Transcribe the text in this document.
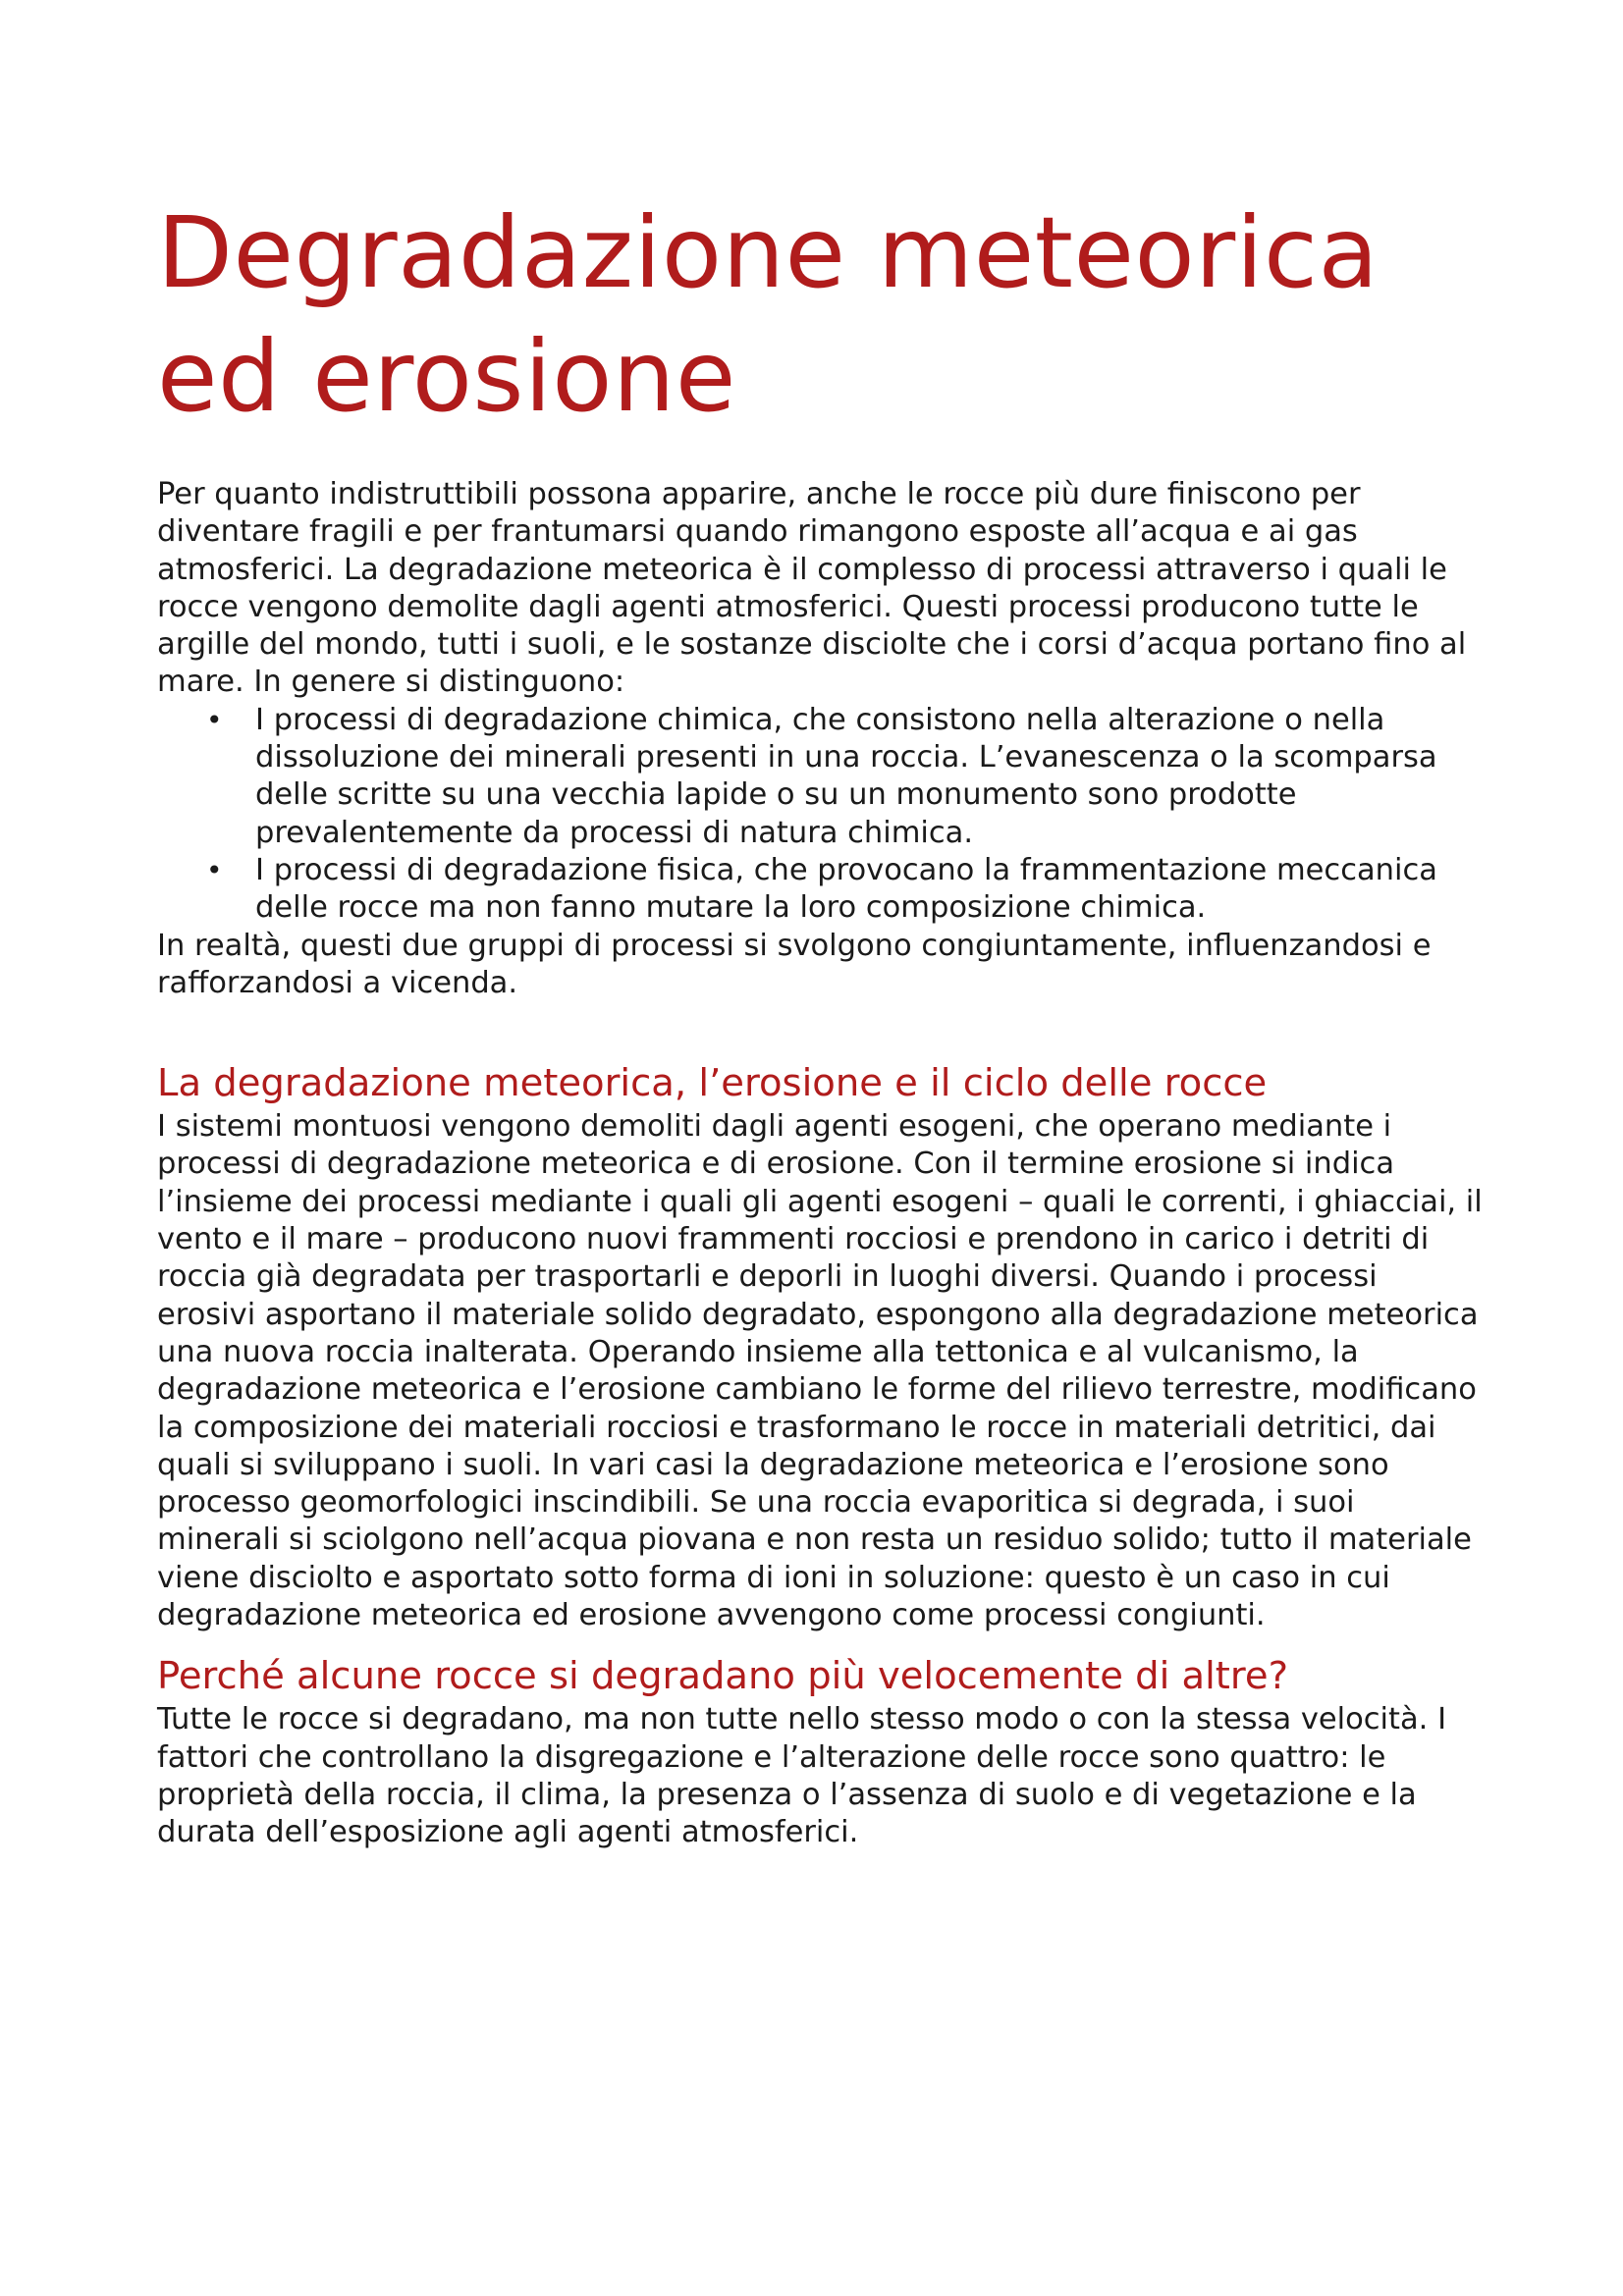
Degradazione meteorica
ed erosione

Per quanto indistruttibili possona apparire, anche le rocce più dure finiscono per diventare fragili e per frantumarsi quando rimangono esposte all’acqua e ai gas atmosferici. La degradazione meteorica è il complesso di processi attraverso i quali le rocce vengono demolite dagli agenti atmosferici. Questi processi producono tutte le argille del mondo, tutti i suoli, e le sostanze disciolte che i corsi d’acqua portano fino al mare. In genere si distinguono:

• I processi di degradazione chimica, che consistono nella alterazione o nella dissoluzione dei minerali presenti in una roccia. L’evanescenza o la scomparsa delle scritte su una vecchia lapide o su un monumento sono prodotte prevalentemente da processi di natura chimica.
• I processi di degradazione fisica, che provocano la frammentazione meccanica delle rocce ma non fanno mutare la loro composizione chimica.

In realtà, questi due gruppi di processi si svolgono congiuntamente, influenzandosi e rafforzandosi a vicenda.

La degradazione meteorica, l’erosione e il ciclo delle rocce

I sistemi montuosi vengono demoliti dagli agenti esogeni, che operano mediante i processi di degradazione meteorica e di erosione. Con il termine erosione si indica l’insieme dei processi mediante i quali gli agenti esogeni – quali le correnti, i ghiacciai, il vento e il mare – producono nuovi frammenti rocciosi e prendono in carico i detriti di roccia già degradata per trasportarli e deporli in luoghi diversi. Quando i processi erosivi asportano il materiale solido degradato, espongono alla degradazione meteorica una nuova roccia inalterata. Operando insieme alla tettonica e al vulcanismo, la degradazione meteorica e l’erosione cambiano le forme del rilievo terrestre, modificano la composizione dei materiali rocciosi e trasformano le rocce in materiali detritici, dai quali si sviluppano i suoli. In vari casi la degradazione meteorica e l’erosione sono processo geomorfologici inscindibili. Se una roccia evaporitica si degrada, i suoi minerali si sciolgono nell’acqua piovana e non resta un residuo solido; tutto il materiale viene disciolto e asportato sotto forma di ioni in soluzione: questo è un caso in cui degradazione meteorica ed erosione avvengono come processi congiunti.

Perché alcune rocce si degradano più velocemente di altre?

Tutte le rocce si degradano, ma non tutte nello stesso modo o con la stessa velocità. I fattori che controllano la disgregazione e l’alterazione delle rocce sono quattro: le proprietà della roccia, il clima, la presenza o l’assenza di suolo e di vegetazione e la durata dell’esposizione agli agenti atmosferici.
